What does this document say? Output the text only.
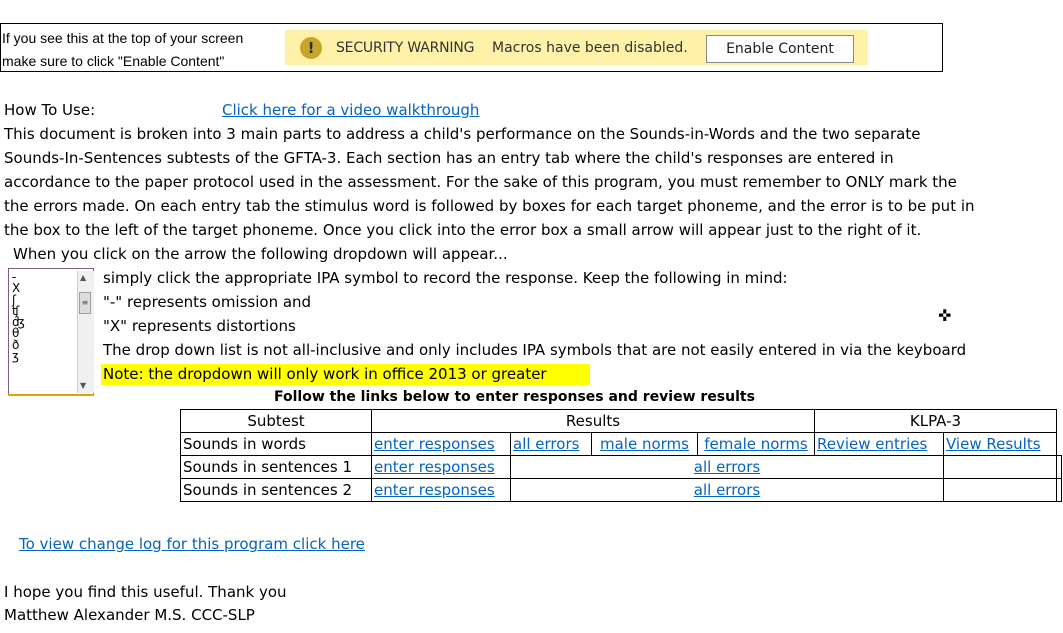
If you see this at the top of your screen
make sure to click "Enable Content"
!	SECURITY WARNING Macros have been disabled.	Enable Content
How To Use:	Click here for a video walkthrough
This document is broken into 3 main parts to address a child's performance on the Sounds-in-Words and the two separate
Sounds-In-Sentences subtests of the GFTA-3. Each section has an entry tab where the child's responses are entered in
accordance to the paper protocol used in the assessment. For the sake of this program, you must remember to ONLY mark the
the errors made. On each entry tab the stimulus word is followed by boxes for each target phoneme, and the error is to be put in
the box to the left of the target phoneme. Once you click into the error box a small arrow will appear just to the right of it.
When you click on the arrow the following dropdown will appear...
-
X
ʃ
ʧ
ʤ
θ
ð
ʒ
▲
≡
▼
simply click the appropriate IPA symbol to record the response. Keep the following in mind:
"-" represents omission and
"X" represents distortions
The drop down list is not all-inclusive and only includes IPA symbols that are not easily entered in via the keyboard
Note: the dropdown will only work in office 2013 or greater
✜
Follow the links below to enter responses and review results
Subtest	Results				KLPA-3		
Sounds in words	enter responses	all errors	male norms	female norms	Review entries	View Results	
Sounds in sentences 1	enter responses	all errors					
Sounds in sentences 2	enter responses	all errors					
To view change log for this program click here
I hope you find this useful. Thank you
Matthew Alexander M.S. CCC-SLP
